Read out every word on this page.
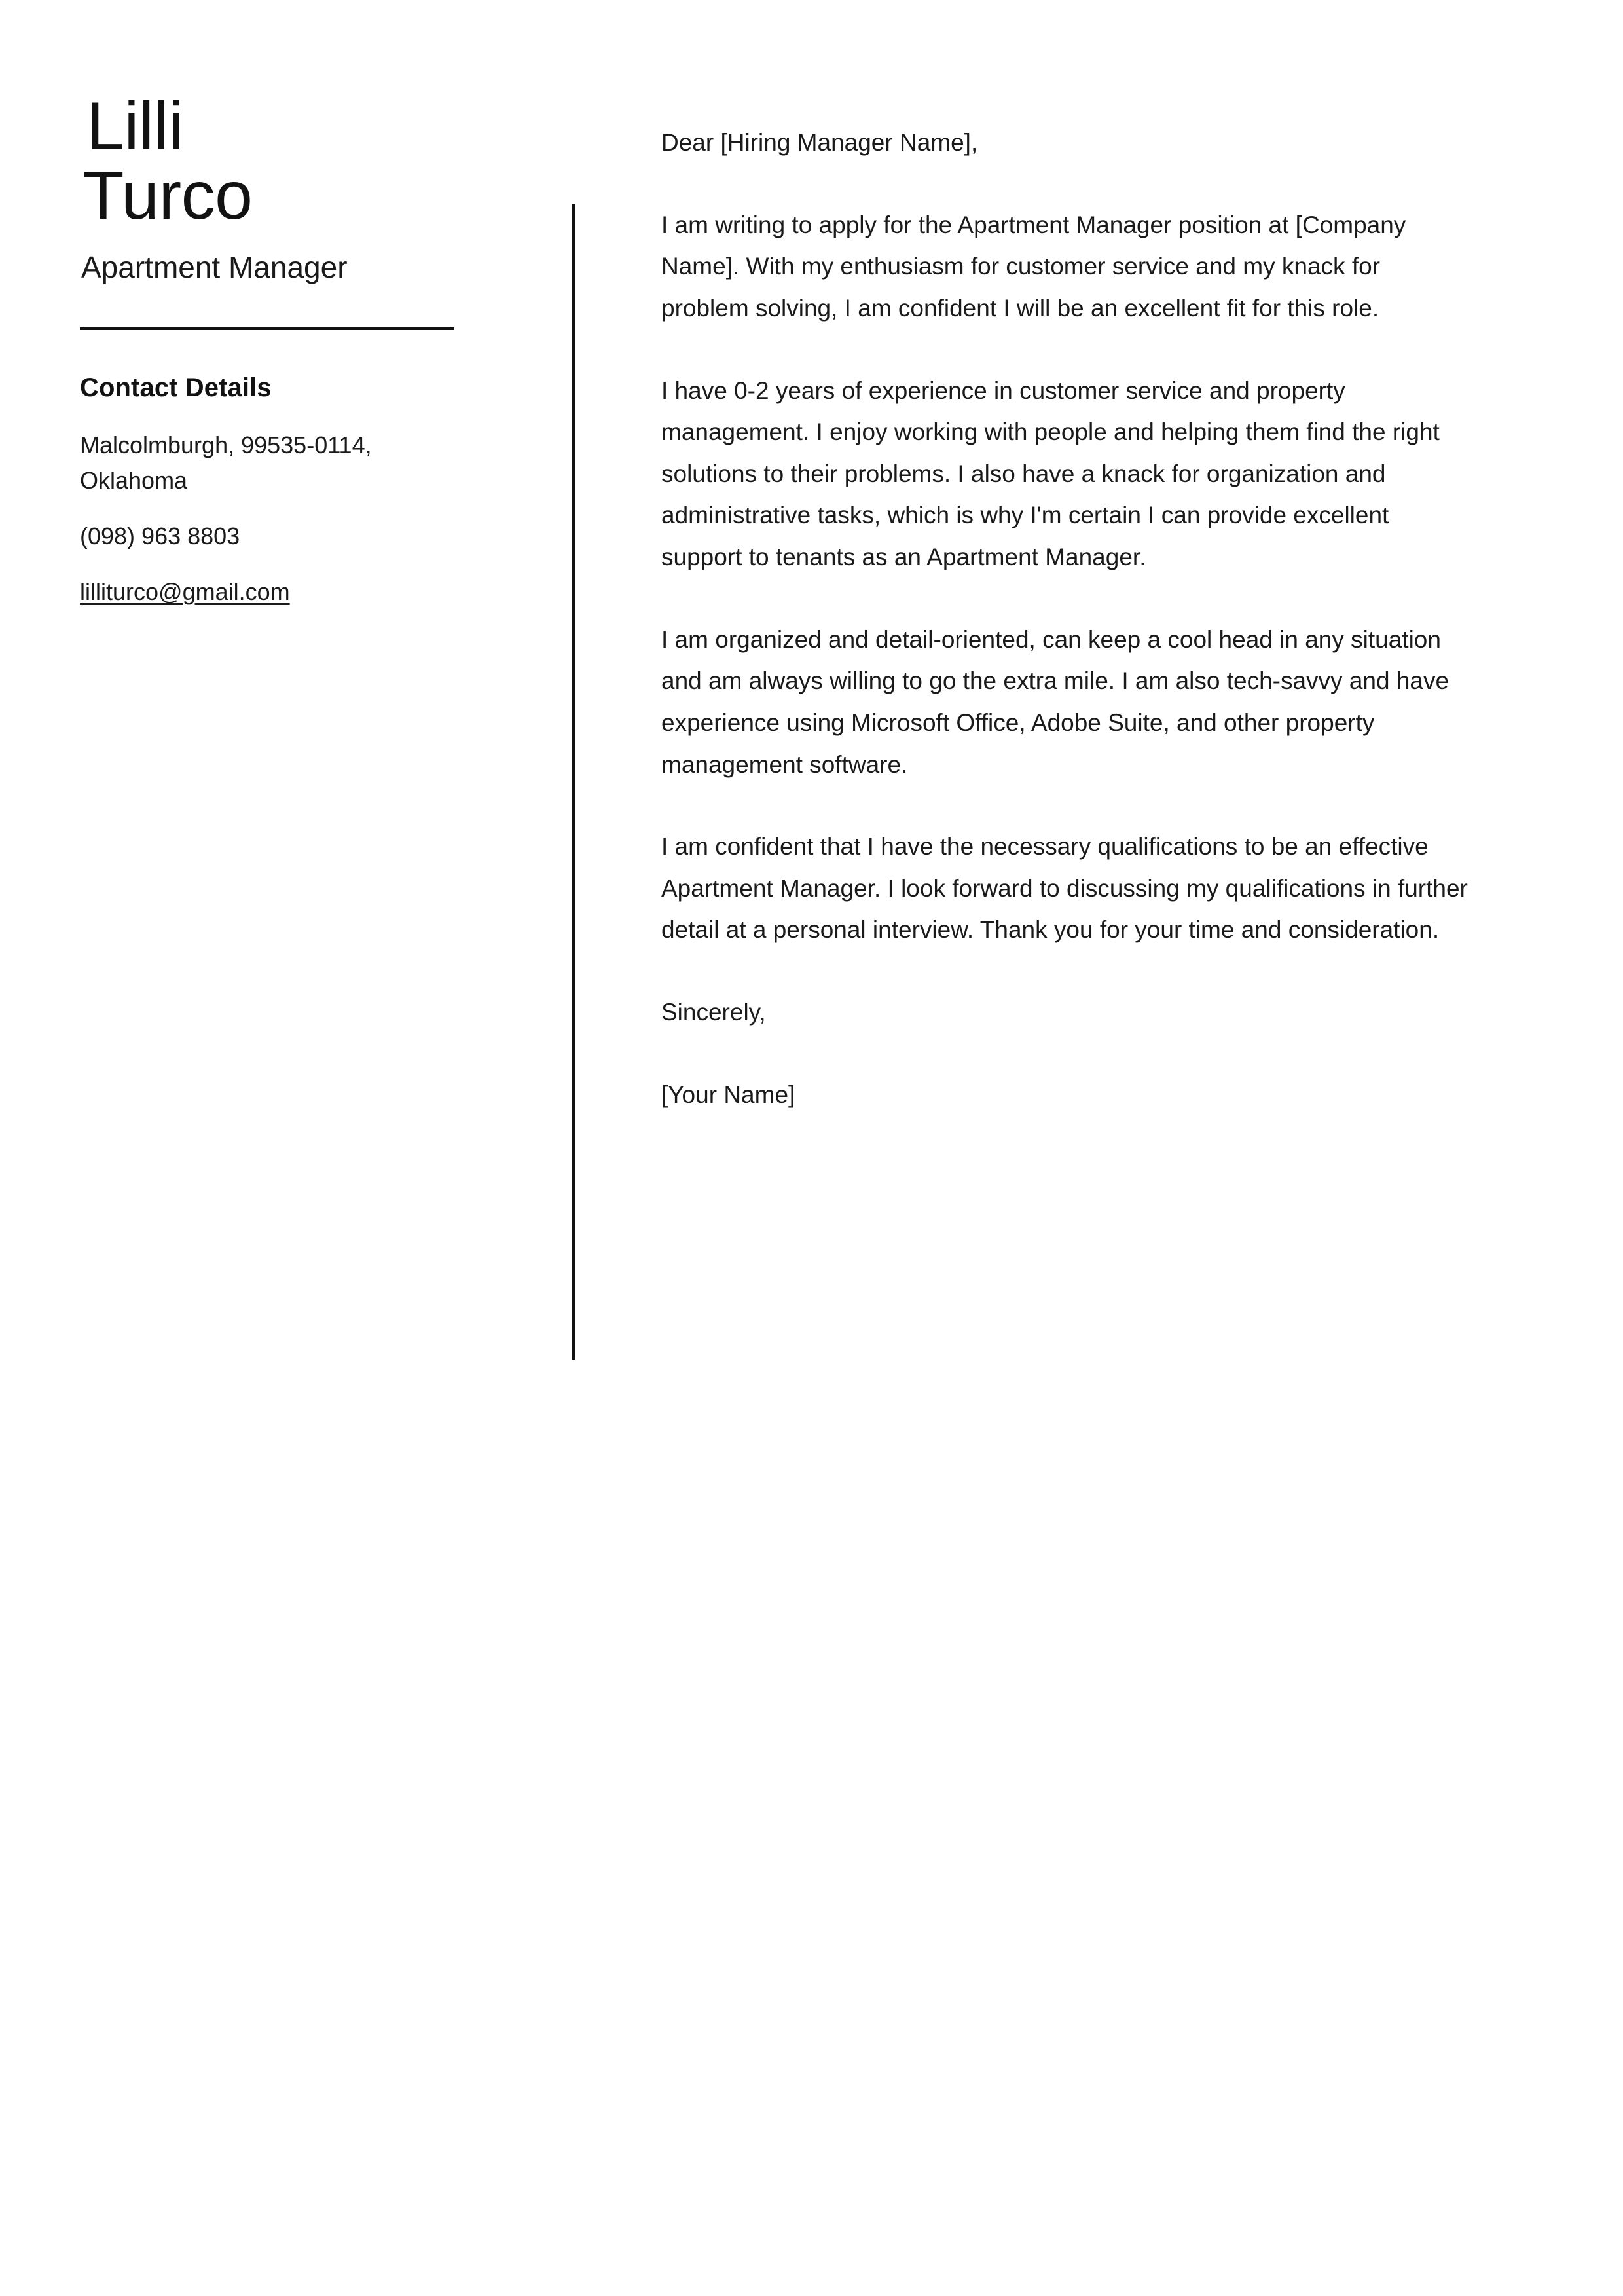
Lilli
Turco
Apartment Manager
Contact Details
Malcolmburgh, 99535-0114, Oklahoma
(098) 963 8803
lilliturco@gmail.com

Dear [Hiring Manager Name],

I am writing to apply for the Apartment Manager position at [Company Name]. With my enthusiasm for customer service and my knack for problem solving, I am confident I will be an excellent fit for this role.

I have 0-2 years of experience in customer service and property management. I enjoy working with people and helping them find the right solutions to their problems. I also have a knack for organization and administrative tasks, which is why I'm certain I can provide excellent support to tenants as an Apartment Manager.

I am organized and detail-oriented, can keep a cool head in any situation and am always willing to go the extra mile. I am also tech-savvy and have experience using Microsoft Office, Adobe Suite, and other property management software.

I am confident that I have the necessary qualifications to be an effective Apartment Manager. I look forward to discussing my qualifications in further detail at a personal interview. Thank you for your time and consideration.

Sincerely,

[Your Name]
